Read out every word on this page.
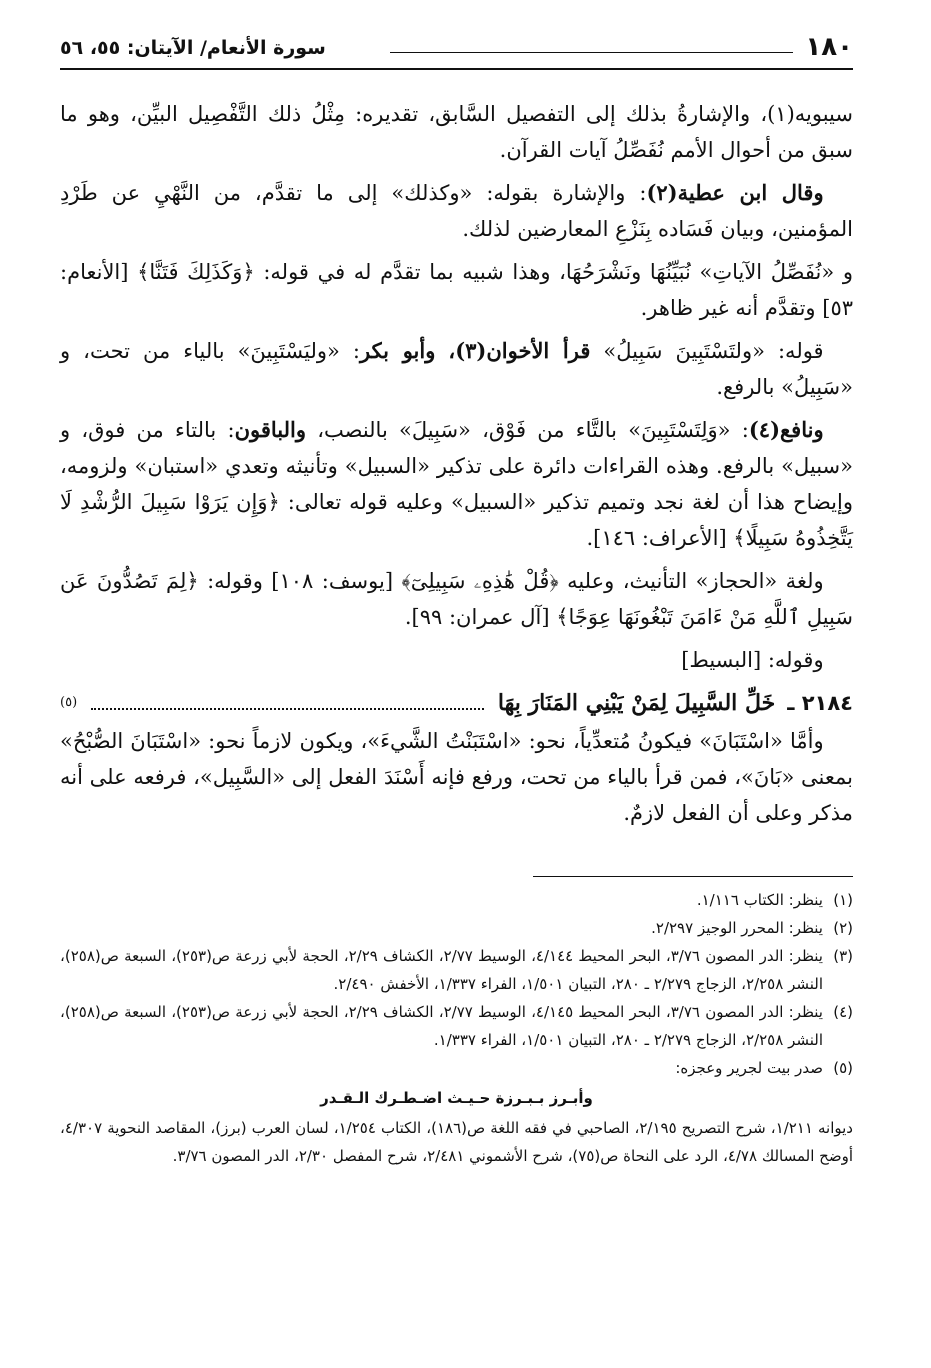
١٨٠
سورة الأنعام/ الآيتان: ٥٥، ٥٦

سيبويه(١)، والإشارةُ بذلك إلى التفصيل السَّابق، تقديره: مِثْلُ ذلك التَّفْصِيل البيِّن، وهو ما سبق من أحوال الأمم نُفَصِّلُ آيات القرآن.

وقال ابن عطية(٢): والإشارة بقوله: «وكذلك» إلى ما تقدَّم، من النَّهْيِ عن طَرْدِ المؤمنين، وبيان فَسَاده بِنَزْعِ المعارضين لذلك.

و «نُفَصِّلُ الآياتِ» نُبَيِّنُهَا ونَشْرَحُهَا، وهذا شبيه بما تقدَّم له في قوله: ﴿وَكَذَلِكَ فَتَنَّا﴾ [الأنعام: ٥٣] وتقدَّم أنه غير ظاهر.

قوله: «ولتَسْتَبِينَ سَبِيلُ» قرأ الأخوان(٣)، وأبو بكر: «وليَسْتَبِينَ» بالياء من تحت، و «سَبِيلُ» بالرفع.

ونافع(٤): «وَلِتَسْتَبِينَ» بالتَّاء من فَوْق، «سَبِيلَ» بالنصب، والباقون: بالتاء من فوق، و «سبيل» بالرفع. وهذه القراءات دائرة على تذكير «السبيل» وتأنيثه وتعدي «استبان» ولزومه، وإيضاح هذا أن لغة نجد وتميم تذكير «السبيل» وعليه قوله تعالى: ﴿وَإِن يَرَوْا سَبِيلَ الرُّشْدِ لَا يَتَّخِذُوهُ سَبِيلًا﴾ [الأعراف: ١٤٦].

ولغة «الحجاز» التأنيث، وعليه ﴿قُلْ هَٰذِهِۦ سَبِيلِىٓ﴾ [يوسف: ١٠٨] وقوله: ﴿لِمَ تَصُدُّونَ عَن سَبِيلِ ٱللَّهِ مَنْ ءَامَنَ تَبْغُونَهَا عِوَجًا﴾ [آل عمران: ٩٩].

وقوله: [البسيط]

٢١٨٤ ـ
خَلِّ السَّبِيلَ لِمَنْ يَبْنِي المَنَارَ بِهَا
(٥)

وأمَّا «اسْتَبَانَ» فيكونُ مُتعدِّياً، نحو: «اسْتَبَنْتُ الشَّيءَ»، ويكون لازماً نحو: «اسْتَبَانَ الصُّبْحُ» بمعنى «بَانَ»، فمن قرأ بالياء من تحت، ورفع فإنه أَسْنَدَ الفعل إلى «السَّبِيل»، فرفعه على أنه مذكر وعلى أن الفعل لازمٌ.

(١)
ينظر: الكتاب ١/١١٦.
(٢)
ينظر: المحرر الوجيز ٢/٢٩٧.
(٣)
ينظر: الدر المصون ٣/٧٦، البحر المحيط ٤/١٤٤، الوسيط ٢/٧٧، الكشاف ٢/٢٩، الحجة لأبي زرعة ص(٢٥٣)، السبعة ص(٢٥٨)، النشر ٢/٢٥٨، الزجاج ٢/٢٧٩ ـ ٢٨٠، التبيان ١/٥٠١، الفراء ١/٣٣٧، الأخفش ٢/٤٩٠.
(٤)
ينظر: الدر المصون ٣/٧٦، البحر المحيط ٤/١٤٥، الوسيط ٢/٧٧، الكشاف ٢/٢٩، الحجة لأبي زرعة ص(٢٥٣)، السبعة ص(٢٥٨)، النشر ٢/٢٥٨، الزجاج ٢/٢٧٩ ـ ٢٨٠، التبيان ١/٥٠١، الفراء ١/٣٣٧.
(٥)
صدر بيت لجرير وعجزه:
وأبـرز بـبـرزة حـيـث اضـطـرك الـقـدر

ديوانه ١/٢١١، شرح التصريح ٢/١٩٥، الصاحبي في فقه اللغة ص(١٨٦)، الكتاب ١/٢٥٤، لسان العرب (برز)، المقاصد النحوية ٤/٣٠٧، أوضح المسالك ٤/٧٨، الرد على النحاة ص(٧٥)، شرح الأشموني ٢/٤٨١، شرح المفصل ٢/٣٠، الدر المصون ٣/٧٦.
